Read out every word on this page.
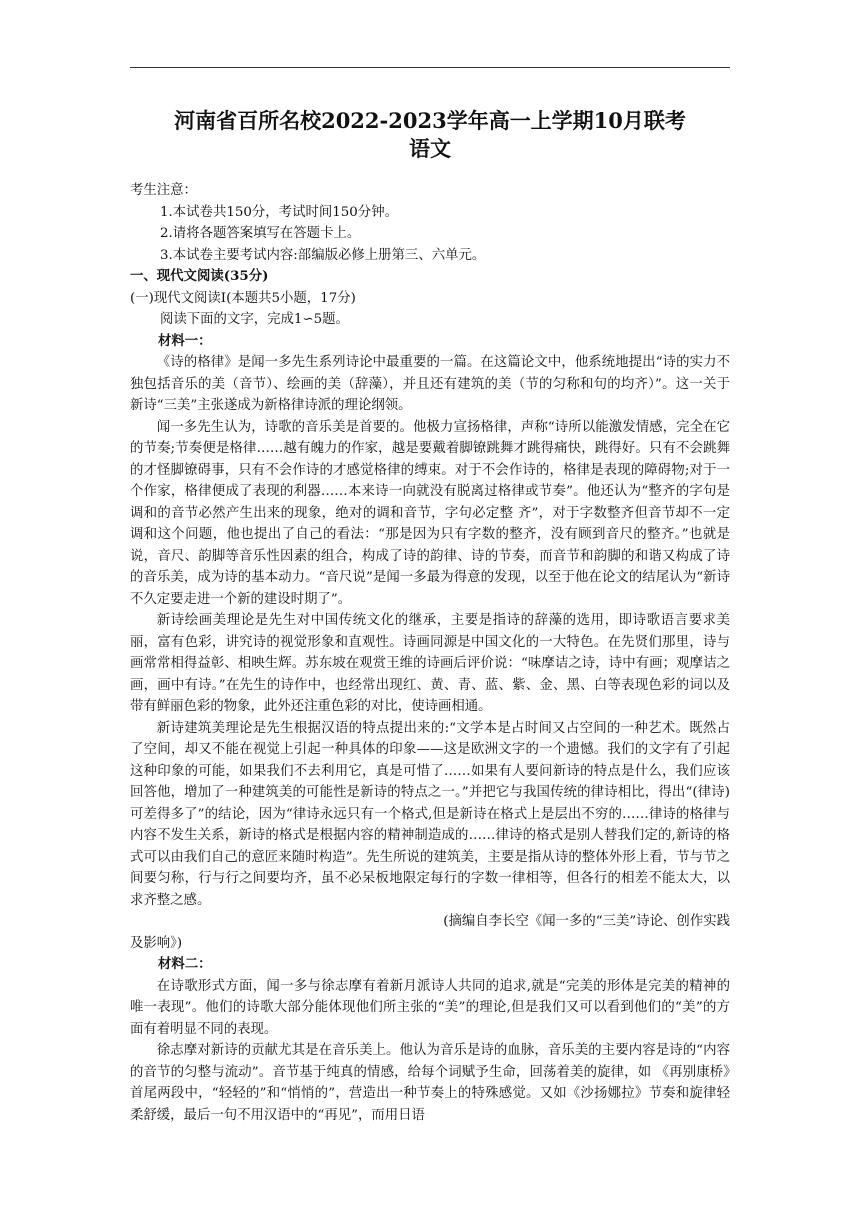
河南省百所名校2022-2023学年高一上学期10月联考
语文

考生注意：

1.本试卷共150分，考试时间150分钟。

2.请将各题答案填写在答题卡上。

3.本试卷主要考试内容:部编版必修上册第三、六单元。

一、现代文阅读(35分)

(一)现代文阅读Ⅰ(本题共5小题，17分)

阅读下面的文字，完成1∽5题。

材料一：

《诗的格律》是闻一多先生系列诗论中最重要的一篇。在这篇论文中，他系统地提出“诗的实力不独包括音乐的美（音节）、绘画的美（辞藻），并且还有建筑的美（节的匀称和句的均齐）”。这一关于新诗“三美”主张遂成为新格律诗派的理论纲领。

闻一多先生认为，诗歌的音乐美是首要的。他极力宣扬格律，声称“诗所以能激发情感，完全在它的节奏;节奏便是格律……越有魄力的作家，越是要戴着脚镣跳舞才跳得痛快，跳得好。只有不会跳舞的才怪脚镣碍事，只有不会作诗的才感觉格律的缚束。对于不会作诗的，格律是表现的障碍物;对于一个作家，格律便成了表现的利器……本来诗一向就没有脱离过格律或节奏”。他还认为“整齐的字句是调和的音节必然产生出来的现象，绝对的调和音节，字句必定整 齐”，对于字数整齐但音节却不一定调和这个问题，他也提出了自己的看法：“那是因为只有字数的整齐，没有顾到音尺的整齐。”也就是说，音尺、韵脚等音乐性因素的组合，构成了诗的韵律、诗的节奏，而音节和韵脚的和谐又构成了诗的音乐美，成为诗的基本动力。“音尺说”是闻一多最为得意的发现，以至于他在论文的结尾认为“新诗不久定要走进一个新的建设时期了”。

新诗绘画美理论是先生对中国传统文化的继承，主要是指诗的辞藻的选用，即诗歌语言要求美丽，富有色彩，讲究诗的视觉形象和直观性。诗画同源是中国文化的一大特色。在先贤们那里，诗与画常常相得益彰、相映生辉。苏东坡在观赏王维的诗画后评价说：“味摩诘之诗，诗中有画；观摩诘之画，画中有诗。”在先生的诗作中，也经常出现红、黄、青、蓝、紫、金、黑、白等表现色彩的词以及带有鲜丽色彩的物象，此外还注重色彩的对比，使诗画相通。

新诗建筑美理论是先生根据汉语的特点提出来的:“文学本是占时间又占空间的一种艺术。既然占了空间，却又不能在视觉上引起一种具体的印象——这是欧洲文字的一个遗憾。我们的文字有了引起这种印象的可能，如果我们不去利用它，真是可惜了……如果有人要问新诗的特点是什么，我们应该回答他，增加了一种建筑美的可能性是新诗的特点之一。”并把它与我国传统的律诗相比，得出“(律诗)可差得多了”的结论，因为“律诗永远只有一个格式,但是新诗在格式上是层出不穷的……律诗的格律与内容不发生关系，新诗的格式是根据内容的精神制造成的……律诗的格式是别人替我们定的,新诗的格式可以由我们自己的意匠来随时构造”。先生所说的建筑美，主要是指从诗的整体外形上看，节与节之间要匀称，行与行之间要均齐，虽不必呆板地限定每行的字数一律相等，但各行的相差不能太大，以求齐整之感。

(摘编自李长空《闻一多的“三美”诗论、创作实践

及影响》)

材料二：

在诗歌形式方面，闻一多与徐志摩有着新月派诗人共同的追求,就是“完美的形体是完美的精神的唯一表现”。他们的诗歌大部分能体现他们所主张的“美”的理论,但是我们又可以看到他们的“美”的方面有着明显不同的表现。

徐志摩对新诗的贡献尤其是在音乐美上。他认为音乐是诗的血脉，音乐美的主要内容是诗的“内容的音节的匀整与流动”。音节基于纯真的情感，给每个词赋予生命，回荡着美的旋律，如 《再别康桥》首尾两段中，“轻轻的”和“悄悄的”，营造出一种节奏上的特殊感觉。又如《沙扬娜拉》节奏和旋律轻柔舒缓，最后一句不用汉语中的“再见”，而用日语
